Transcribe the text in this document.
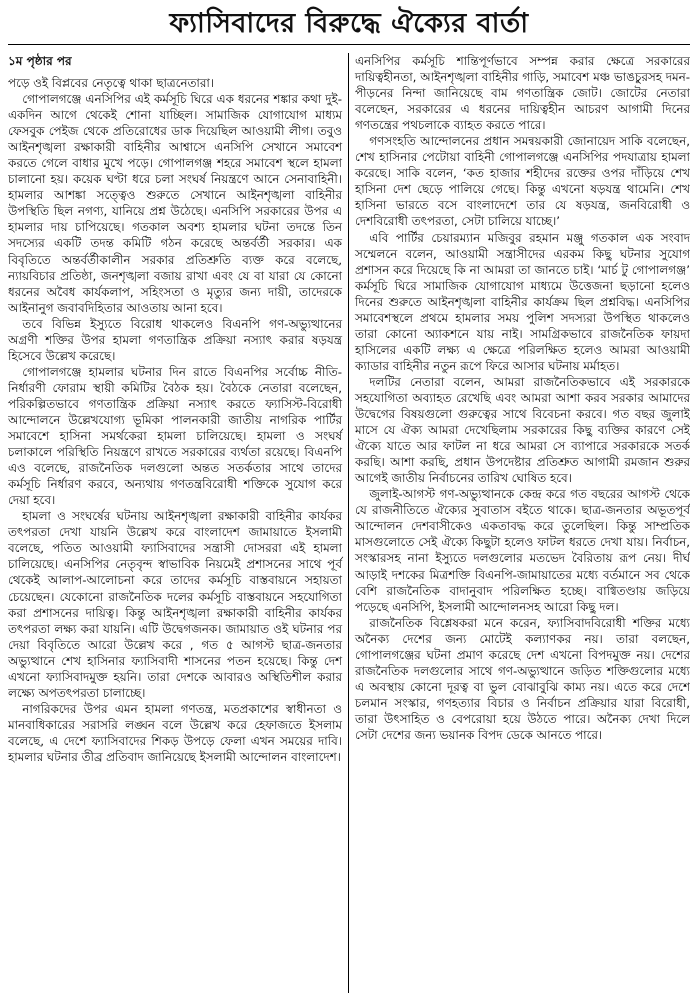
ফ্যাসিবাদের বিরুদ্ধে ঐক্যের বার্তা
১ম পৃষ্ঠার পর

পড়ে ওই বিপ্লবের নেতৃত্বে থাকা ছাত্রনেতারা।

গোপালগঞ্জে এনসিপির এই কর্মসূচি ঘিরে এক ধরনের শঙ্কার কথা দুই-একদিন আগে থেকেই শোনা যাচ্ছিল। সামাজিক যোগাযোগ মাধ্যম ফেসবুক পেইজ থেকে প্রতিরোধের ডাক দিয়েছিল আওয়ামী লীগ। তবুও আইনশৃঙ্খলা রক্ষাকারী বাহিনীর আশ্বাসে এনসিপি সেখানে সমাবেশ করতে গেলে বাধার মুখে পড়ে। গোপালগঞ্জ শহরে সমাবেশ স্থলে হামলা চালানো হয়। কয়েক ঘণ্টা ধরে চলা সংঘর্ষ নিয়ন্ত্রণে আনে সেনাবাহিনী। হামলার আশঙ্কা সত্ত্বেও শুরুতে সেখানে আইনশৃঙ্খলা বাহিনীর উপস্থিতি ছিল নগণ্য, যানিয়ে প্রশ্ন উঠেছে। এনসিপি সরকারের উপর এ হামলার দায় চাপিয়েছে। গতকাল অবশ্য হামলার ঘটনা তদন্তে তিন সদস্যের একটি তদন্ত কমিটি গঠন করেছে অন্তর্বর্তী সরকার। এক বিবৃতিতে অন্তর্বর্তীকালীন সরকার প্রতিশ্রুতি ব্যক্ত করে বলেছে, ন্যায়বিচার প্রতিষ্ঠা, জনশৃঙ্খলা বজায় রাখা এবং যে বা যারা যে কোনো ধরনের অবৈধ কার্যকলাপ, সহিংসতা ও মৃত্যুর জন্য দায়ী, তাদেরকে আইনানুগ জবাবদিহিতার আওতায় আনা হবে।

তবে বিভিন্ন ইস্যুতে বিরোধ থাকলেও বিএনপি গণ-অভ্যুত্থানের অগ্রণী শক্তির উপর হামলা গণতান্ত্রিক প্রক্রিয়া নস্যাৎ করার ষড়যন্ত্র হিসেবে উল্লেখ করেছে।

গোপালগঞ্জে হামলার ঘটনার দিন রাতে বিএনপির সর্বোচ্চ নীতি-নির্ধারণী ফোরাম স্থায়ী কমিটির বৈঠক হয়। বৈঠকে নেতারা বলেছেন, পরিকল্পিতভাবে গণতান্ত্রিক প্রক্রিয়া নস্যাৎ করতে ফ্যাসিস্ট-বিরোধী আন্দোলনে উল্লেখযোগ্য ভূমিকা পালনকারী জাতীয় নাগরিক পার্টির সমাবেশে হাসিনা সমর্থকেরা হামলা চালিয়েছে। হামলা ও সংঘর্ষ চলাকালে পরিস্থিতি নিয়ন্ত্রণে রাখতে সরকারের ব্যর্থতা রয়েছে। বিএনপি এও বলেছে, রাজনৈতিক দলগুলো অন্তত সতর্কতার সাথে তাদের কর্মসূচি নির্ধারণ করবে, অন্যথায় গণতন্ত্রবিরোধী শক্তিকে সুযোগ করে দেয়া হবে।

হামলা ও সংঘর্ষের ঘটনায় আইনশৃঙ্খলা রক্ষাকারী বাহিনীর কার্যকর তৎপরতা দেখা যায়নি উল্লেখ করে বাংলাদেশ জামায়াতে ইসলামী বলেছে, পতিত আওয়ামী ফ্যাসিবাদের সন্ত্রাসী দোসররা এই হামলা চালিয়েছে। এনসিপির নেতৃবৃন্দ স্বাভাবিক নিয়মেই প্রশাসনের সাথে পূর্ব থেকেই আলাপ-আলোচনা করে তাদের কর্মসূচি বাস্তবায়নে সহায়তা চেয়েছেন। যেকোনো রাজনৈতিক দলের কর্মসূচি বাস্তবায়নে সহযোগিতা করা প্রশাসনের দায়িত্ব। কিন্তু আইনশৃঙ্খলা রক্ষাকারী বাহিনীর কার্যকর তৎপরতা লক্ষ্য করা যায়নি। এটি উদ্বেগজনক। জামায়াত ওই ঘটনার পর দেয়া বিবৃতিতে আরো উল্লেখ করে , গত ৫ আগস্ট ছাত্র-জনতার অভ্যুত্থানে শেখ হাসিনার ফ্যাসিবাদী শাসনের পতন হয়েছে। কিন্তু দেশ এখনো ফ্যাসিবাদমুক্ত হয়নি। তারা দেশকে আবারও অস্থিতিশীল করার লক্ষ্যে অপতৎপরতা চালাচ্ছে।

নাগরিকদের উপর এমন হামলা গণতন্ত্র, মতপ্রকাশের স্বাধীনতা ও মানবাধিকারের সরাসরি লঙ্ঘন বলে উল্লেখ করে হেফাজতে ইসলাম বলেছে, এ দেশে ফ্যাসিবাদের শিকড় উপড়ে ফেলা এখন সময়ের দাবি। হামলার ঘটনার তীব্র প্রতিবাদ জানিয়েছে ইসলামী আন্দোলন বাংলাদেশ।

এনসিপির কর্মসূচি শান্তিপূর্ণভাবে সম্পন্ন করার ক্ষেত্রে সরকারের দায়িত্বহীনতা, আইনশৃঙ্খলা বাহিনীর গাড়ি, সমাবেশ মঞ্চ ভাঙচুরসহ দমন-পীড়নের নিন্দা জানিয়েছে বাম গণতান্ত্রিক জোট। জোটের নেতারা বলেছেন, সরকারের এ ধরনের দায়িত্বহীন আচরণ আগামী দিনের গণতন্ত্রের পথচলাকে ব্যাহত করতে পারে।

গণসংহতি আন্দোলনের প্রধান সমন্বয়কারী জোনায়েদ সাকি বলেছেন, শেখ হাসিনার পেটোয়া বাহিনী গোপালগঞ্জে এনসিপির পদযাত্রায় হামলা করেছে। সাকি বলেন, ‘কত হাজার শহীদের রক্তের ওপর দাঁড়িয়ে শেখ হাসিনা দেশ ছেড়ে পালিয়ে গেছে। কিন্তু এখনো ষড়যন্ত্র থামেনি। শেখ হাসিনা ভারতে বসে বাংলাদেশে তার যে ষড়যন্ত্র, জনবিরোধী ও দেশবিরোধী তৎপরতা, সেটা চালিয়ে যাচ্ছে।’

এবি পার্টির চেয়ারম্যান মজিবুর রহমান মঞ্জু গতকাল এক সংবাদ সম্মেলনে বলেন, আওয়ামী সন্ত্রাসীদের এরকম কিছু ঘটনার সুযোগ প্রশাসন করে দিয়েছে কি না আমরা তা জানতে চাই। ‘মার্চ টু গোপালগঞ্জ’ কর্মসূচি ঘিরে সামাজিক যোগাযোগ মাধ্যমে উত্তেজনা ছড়ানো হলেও দিনের শুরুতে আইনশৃঙ্খলা বাহিনীর কার্যক্রম ছিল প্রশ্নবিদ্ধ। এনসিপির সমাবেশস্থলে প্রথমে হামলার সময় পুলিশ সদস্যরা উপস্থিত থাকলেও তারা কোনো অ্যাকশনে যায় নাই। সামগ্রিকভাবে রাজনৈতিক ফায়দা হাসিলের একটি লক্ষ্য এ ক্ষেত্রে পরিলক্ষিত হলেও আমরা আওয়ামী ক্যাডার বাহিনীর নতুন রূপে ফিরে আসার ঘটনায় মর্মাহত।

দলটির নেতারা বলেন, আমরা রাজনৈতিকভাবে এই সরকারকে সহযোগিতা অব্যাহত রেখেছি এবং আমরা আশা করব সরকার আমাদের উদ্বেগের বিষয়গুলো গুরুত্বের সাথে বিবেচনা করবে। গত বছর জুলাই মাসে যে ঐক্য আমরা দেখেছিলাম সরকারের কিছু ব্যক্তির কারণে সেই ঐক্যে যাতে আর ফাটল না ধরে আমরা সে ব্যাপারে সরকারকে সতর্ক করছি। আশা করছি, প্রধান উপদেষ্টার প্রতিশ্রুত আগামী রমজান শুরুর আগেই জাতীয় নির্বাচনের তারিখ ঘোষিত হবে।

জুলাই-আগস্ট গণ-অভ্যুত্থানকে কেন্দ্র করে গত বছরের আগস্ট থেকে যে রাজনীতিতে ঐক্যের সুবাতাস বইতে থাকে। ছাত্র-জনতার অভূতপূর্ব আন্দোলন দেশবাসীকেও একতাবদ্ধ করে তুলেছিল। কিন্তু সাম্প্রতিক মাসগুলোতে সেই ঐক্যে কিছুটা হলেও ফাটল ধরতে দেখা যায়। নির্বাচন, সংস্কারসহ নানা ইস্যুতে দলগুলোর মতভেদ বৈরিতায় রূপ নেয়। দীর্ঘ আড়াই দশকের মিত্রশক্তি বিএনপি-জামায়াতের মধ্যে বর্তমানে সব থেকে বেশি রাজনৈতিক বাদানুবাদ পরিলক্ষিত হচ্ছে। বাগ্বিতণ্ডায় জড়িয়ে পড়েছে এনসিপি, ইসলামী আন্দোলনসহ আরো কিছু দল।

রাজনৈতিক বিশ্লেষকরা মনে করেন, ফ্যাসিবাদবিরোধী শক্তির মধ্যে অনৈক্য দেশের জন্য মোটেই কল্যাণকর নয়। তারা বলছেন, গোপালগঞ্জের ঘটনা প্রমাণ করেছে দেশ এখনো বিপদমুক্ত নয়। দেশের রাজনৈতিক দলগুলোর সাথে গণ-অভ্যুত্থানে জড়িত শক্তিগুলোর মধ্যে এ অবস্থায় কোনো দূরত্ব বা ভুল বোঝাবুঝি কাম্য নয়। এতে করে দেশে চলমান সংস্কার, গণহত্যার বিচার ও নির্বাচন প্রক্রিয়ার যারা বিরোধী, তারা উৎসাহিত ও বেপরোয়া হয়ে উঠতে পারে। অনৈক্য দেখা দিলে সেটা দেশের জন্য ভয়ানক বিপদ ডেকে আনতে পারে।
